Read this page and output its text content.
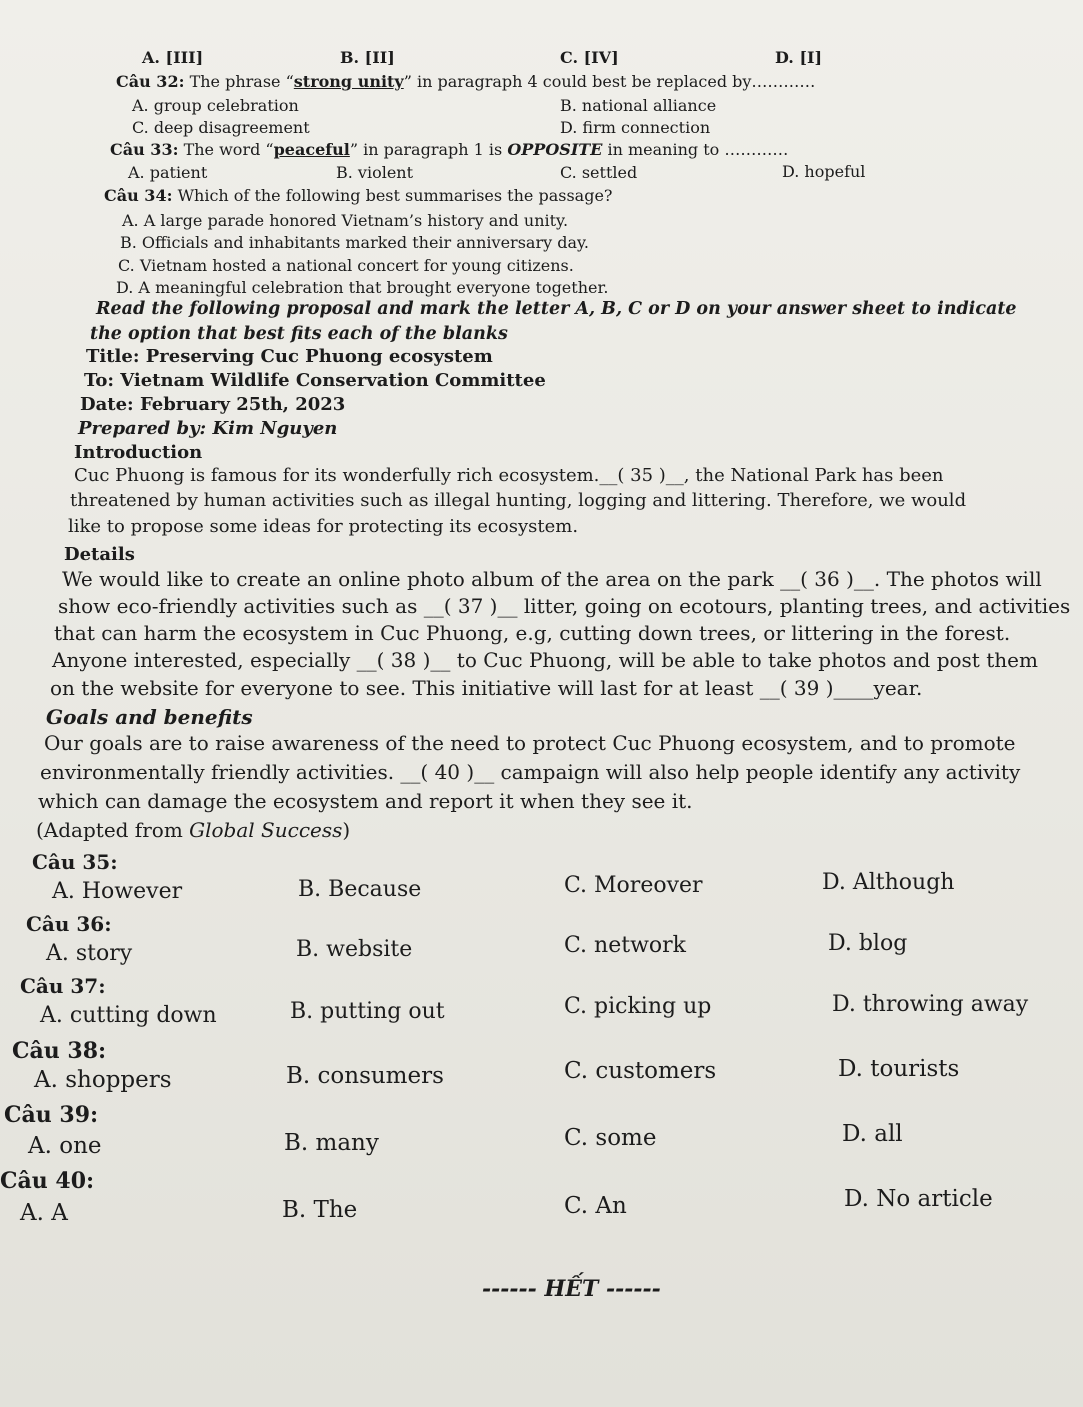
A. [III]	B. [II]	C. [IV]	D. [I]
Câu 32: The phrase “strong unity” in paragraph 4 could best be replaced by…………
A. group celebration	B. national alliance
C. deep disagreement	D. firm connection
Câu 33: The word “peaceful” in paragraph 1 is OPPOSITE in meaning to …………
A. patient	B. violent	C. settled	D. hopeful
Câu 34: Which of the following best summarises the passage?
A. A large parade honored Vietnam’s history and unity.
B. Officials and inhabitants marked their anniversary day.
C. Vietnam hosted a national concert for young citizens.
D. A meaningful celebration that brought everyone together.
Read the following proposal and mark the letter A, B, C or D on your answer sheet to indicate
the option that best fits each of the blanks
Title: Preserving Cuc Phuong ecosystem
To: Vietnam Wildlife Conservation Committee
Date: February 25th, 2023
Prepared by: Kim Nguyen
Introduction
Cuc Phuong is famous for its wonderfully rich ecosystem.__( 35 )__, the National Park has been
threatened by human activities such as illegal hunting, logging and littering. Therefore, we would
like to propose some ideas for protecting its ecosystem.
Details
We would like to create an online photo album of the area on the park __( 36 )__. The photos will
show eco-friendly activities such as __( 37 )__ litter, going on ecotours, planting trees, and activities
that can harm the ecosystem in Cuc Phuong, e.g, cutting down trees, or littering in the forest.
Anyone interested, especially __( 38 )__ to Cuc Phuong, will be able to take photos and post them
on the website for everyone to see. This initiative will last for at least __( 39 )____year.
Goals and benefits
Our goals are to raise awareness of the need to protect Cuc Phuong ecosystem, and to promote
environmentally friendly activities. __( 40 )__ campaign will also help people identify any activity
which can damage the ecosystem and report it when they see it.
(Adapted from Global Success)
Câu 35:
A. However	B. Because	C. Moreover	D. Although
Câu 36:
A. story	B. website	C. network	D. blog
Câu 37:
A. cutting down	B. putting out	C. picking up	D. throwing away
Câu 38:
A. shoppers	B. consumers	C. customers	D. tourists
Câu 39:
A. one	B. many	C. some	D. all
Câu 40:
A. A	B. The	C. An	D. No article
------ HẾT ------
